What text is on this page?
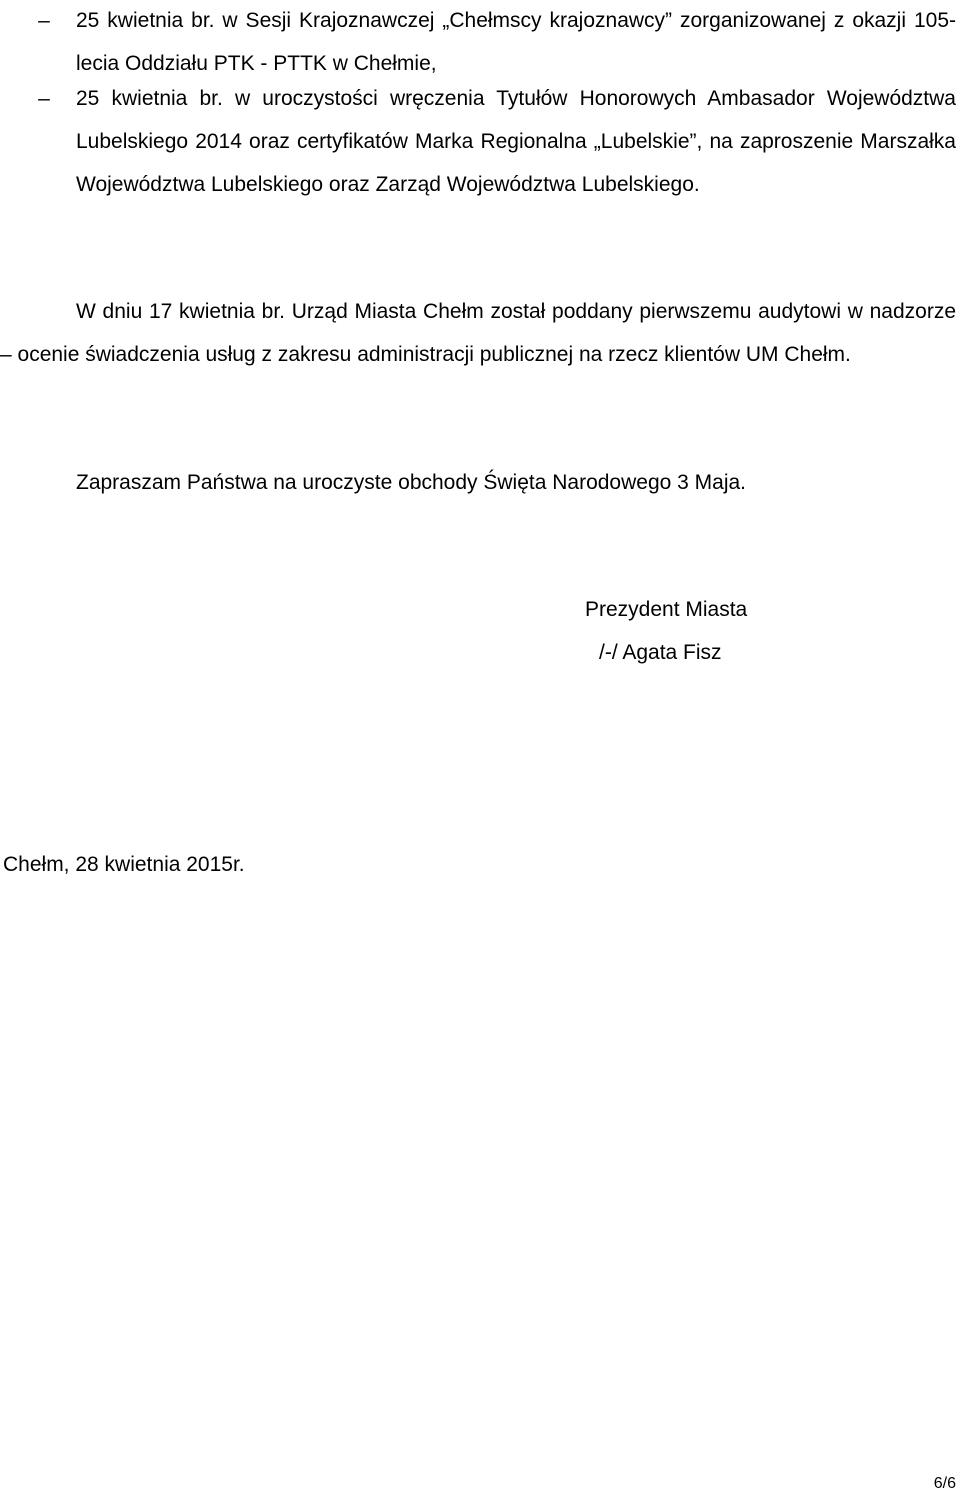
–	25 kwietnia br. w Sesji Krajoznawczej „Chełmscy krajoznawcy” zorganizowanej z okazji 105-lecia Oddziału PTK - PTTK w Chełmie,
–	25 kwietnia br. w uroczystości wręczenia Tytułów Honorowych Ambasador Województwa Lubelskiego 2014 oraz certyfikatów Marka Regionalna „Lubelskie”, na zaproszenie Marszałka Województwa Lubelskiego oraz Zarząd Województwa Lubelskiego.
W dniu 17 kwietnia br. Urząd Miasta Chełm został poddany pierwszemu audytowi w nadzorze – ocenie świadczenia usług z zakresu administracji publicznej na rzecz klientów UM Chełm.
Zapraszam Państwa na uroczyste obchody Święta Narodowego 3 Maja.
Prezydent Miasta
/-/ Agata Fisz
Chełm, 28 kwietnia 2015r.
6/6
